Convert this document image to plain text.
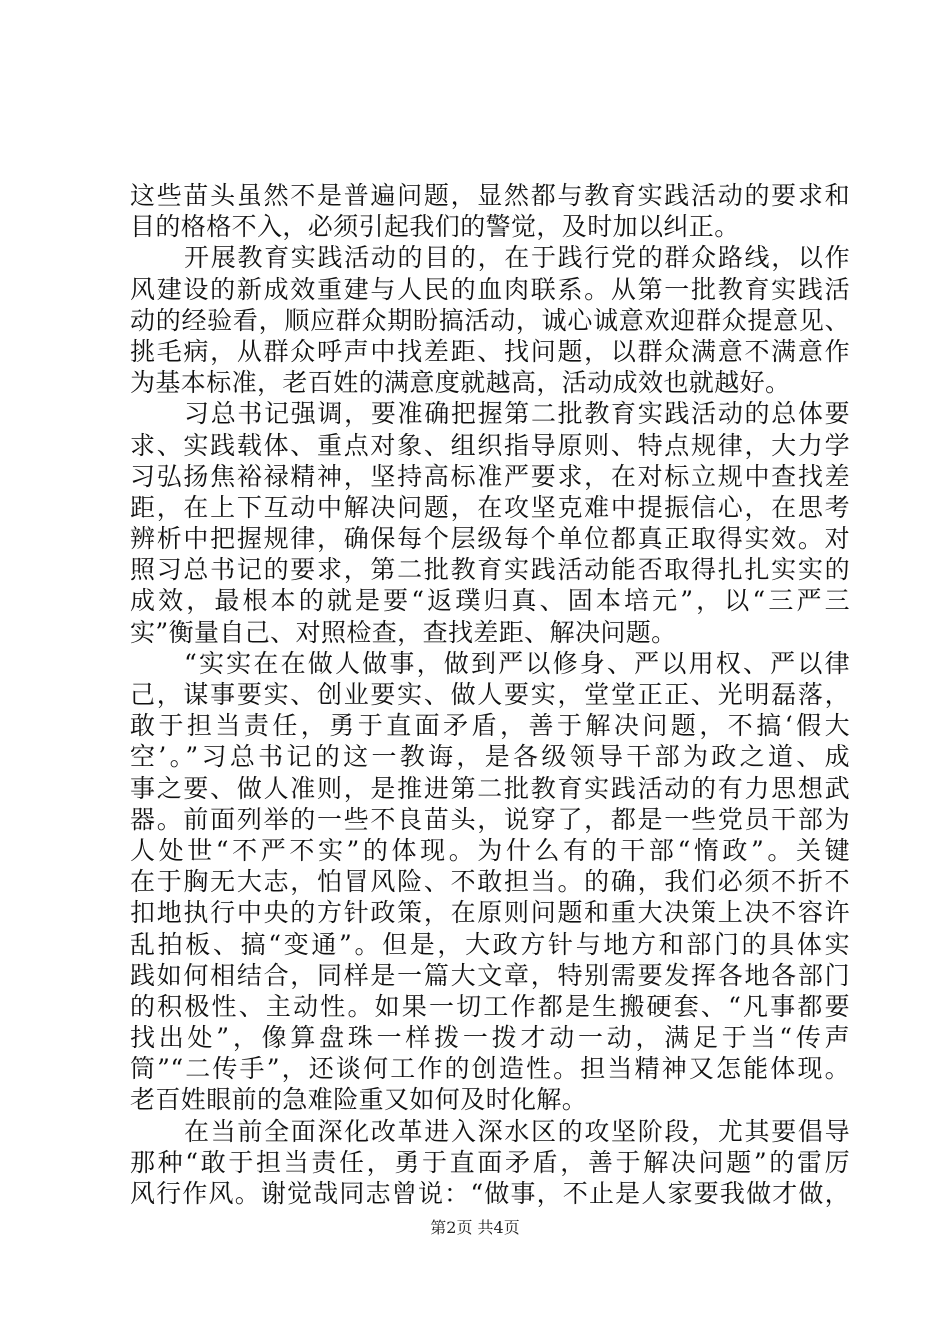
这些苗头虽然不是普遍问题，显然都与教育实践活动的要求和
目的格格不入，必须引起我们的警觉，及时加以纠正。
开展教育实践活动的目的，在于践行党的群众路线，以作
风建设的新成效重建与人民的血肉联系。从第一批教育实践活
动的经验看，顺应群众期盼搞活动，诚心诚意欢迎群众提意见、
挑毛病，从群众呼声中找差距、找问题，以群众满意不满意作
为基本标准，老百姓的满意度就越高，活动成效也就越好。
习总书记强调，要准确把握第二批教育实践活动的总体要
求、实践载体、重点对象、组织指导原则、特点规律，大力学
习弘扬焦裕禄精神，坚持高标准严要求，在对标立规中查找差
距，在上下互动中解决问题，在攻坚克难中提振信心，在思考
辨析中把握规律，确保每个层级每个单位都真正取得实效。对
照习总书记的要求，第二批教育实践活动能否取得扎扎实实的
成效，最根本的就是要“返璞归真、固本培元”，以“三严三
实”衡量自己、对照检查，查找差距、解决问题。
“实实在在做人做事，做到严以修身、严以用权、严以律
己，谋事要实、创业要实、做人要实，堂堂正正、光明磊落，
敢于担当责任，勇于直面矛盾，善于解决问题，不搞‘假大
空’。”习总书记的这一教诲，是各级领导干部为政之道、成
事之要、做人准则，是推进第二批教育实践活动的有力思想武
器。前面列举的一些不良苗头，说穿了，都是一些党员干部为
人处世“不严不实”的体现。为什么有的干部“惰政”。关键
在于胸无大志，怕冒风险、不敢担当。的确，我们必须不折不
扣地执行中央的方针政策，在原则问题和重大决策上决不容许
乱拍板、搞“变通”。但是，大政方针与地方和部门的具体实
践如何相结合，同样是一篇大文章，特别需要发挥各地各部门
的积极性、主动性。如果一切工作都是生搬硬套、“凡事都要
找出处”，像算盘珠一样拨一拨才动一动，满足于当“传声
筒”“二传手”，还谈何工作的创造性。担当精神又怎能体现。
老百姓眼前的急难险重又如何及时化解。
在当前全面深化改革进入深水区的攻坚阶段，尤其要倡导
那种“敢于担当责任，勇于直面矛盾，善于解决问题”的雷厉
风行作风。谢觉哉同志曾说：“做事，不止是人家要我做才做，
第2页 共4页
